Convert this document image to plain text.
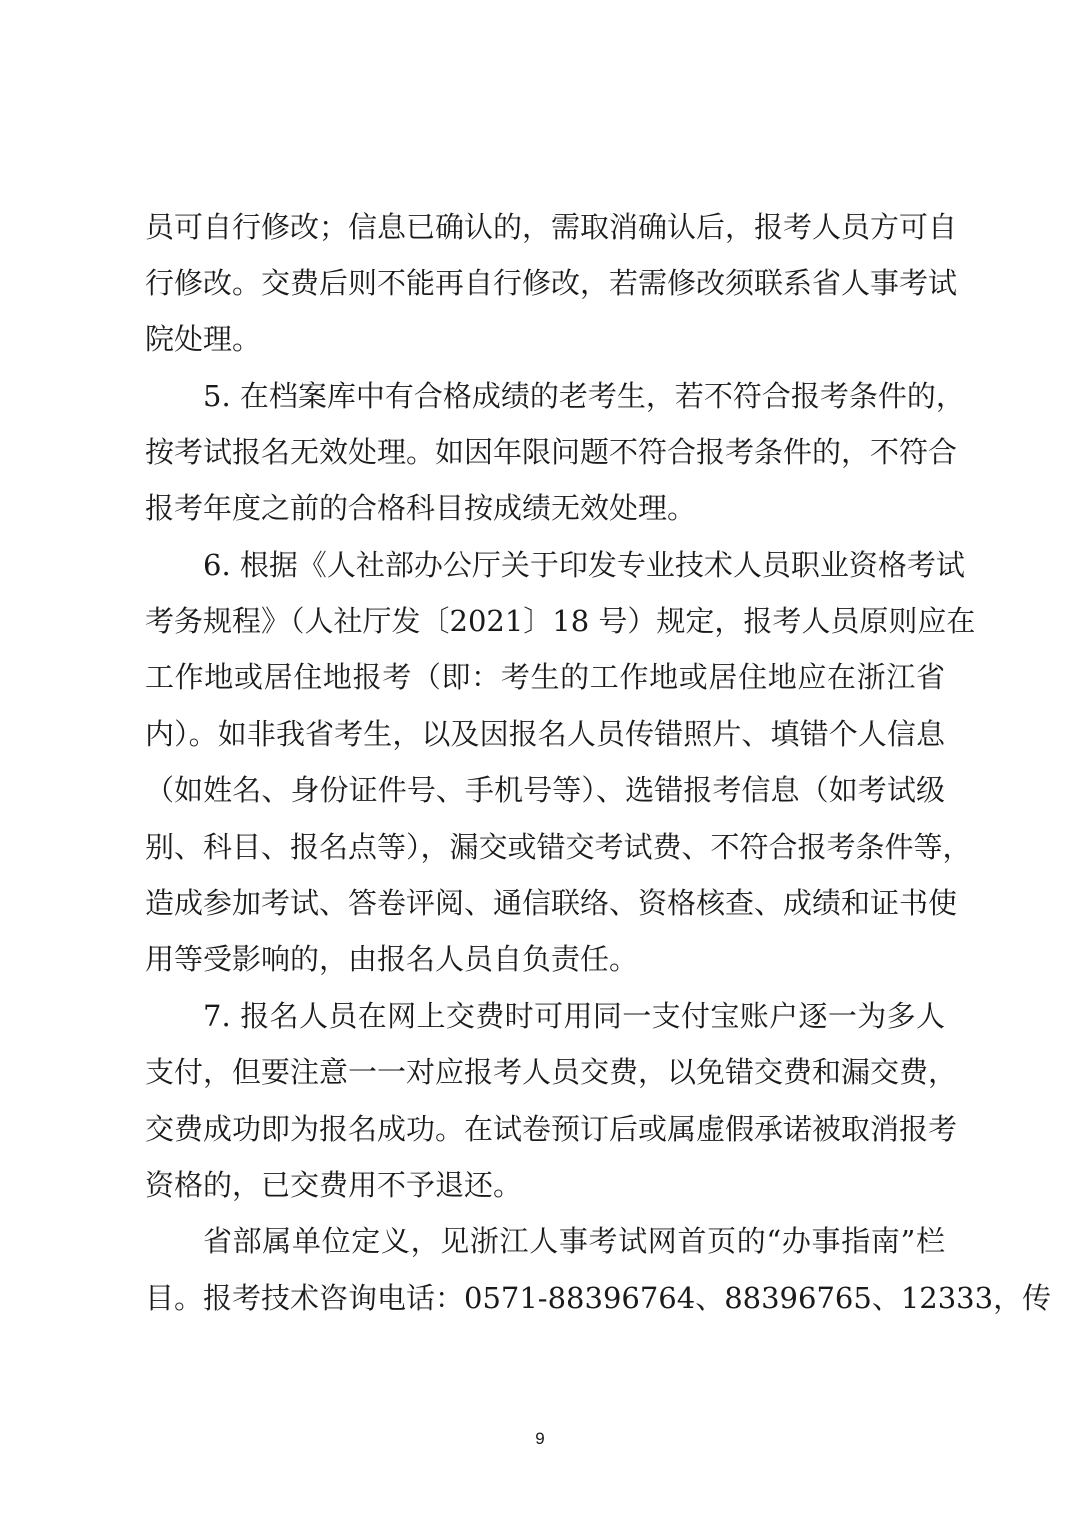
员可自行修改；信息已确认的，需取消确认后，报考人员方可自
行修改。交费后则不能再自行修改，若需修改须联系省人事考试
院处理。
5. 在档案库中有合格成绩的老考生，若不符合报考条件的，
按考试报名无效处理。如因年限问题不符合报考条件的，不符合
报考年度之前的合格科目按成绩无效处理。
6. 根据《人社部办公厅关于印发专业技术人员职业资格考试
考务规程》（人社厅发〔2021〕18 号）规定，报考人员原则应在
工作地或居住地报考（即：考生的工作地或居住地应在浙江省
内）。如非我省考生，以及因报名人员传错照片、填错个人信息
（如姓名、身份证件号、手机号等）、选错报考信息（如考试级
别、科目、报名点等），漏交或错交考试费、不符合报考条件等，
造成参加考试、答卷评阅、通信联络、资格核查、成绩和证书使
用等受影响的，由报名人员自负责任。
7. 报名人员在网上交费时可用同一支付宝账户逐一为多人
支付，但要注意一一对应报考人员交费，以免错交费和漏交费，
交费成功即为报名成功。在试卷预订后或属虚假承诺被取消报考
资格的，已交费用不予退还。
省部属单位定义，见浙江人事考试网首页的“办事指南”栏
目。报考技术咨询电话：0571-88396764、88396765、12333，传
9
